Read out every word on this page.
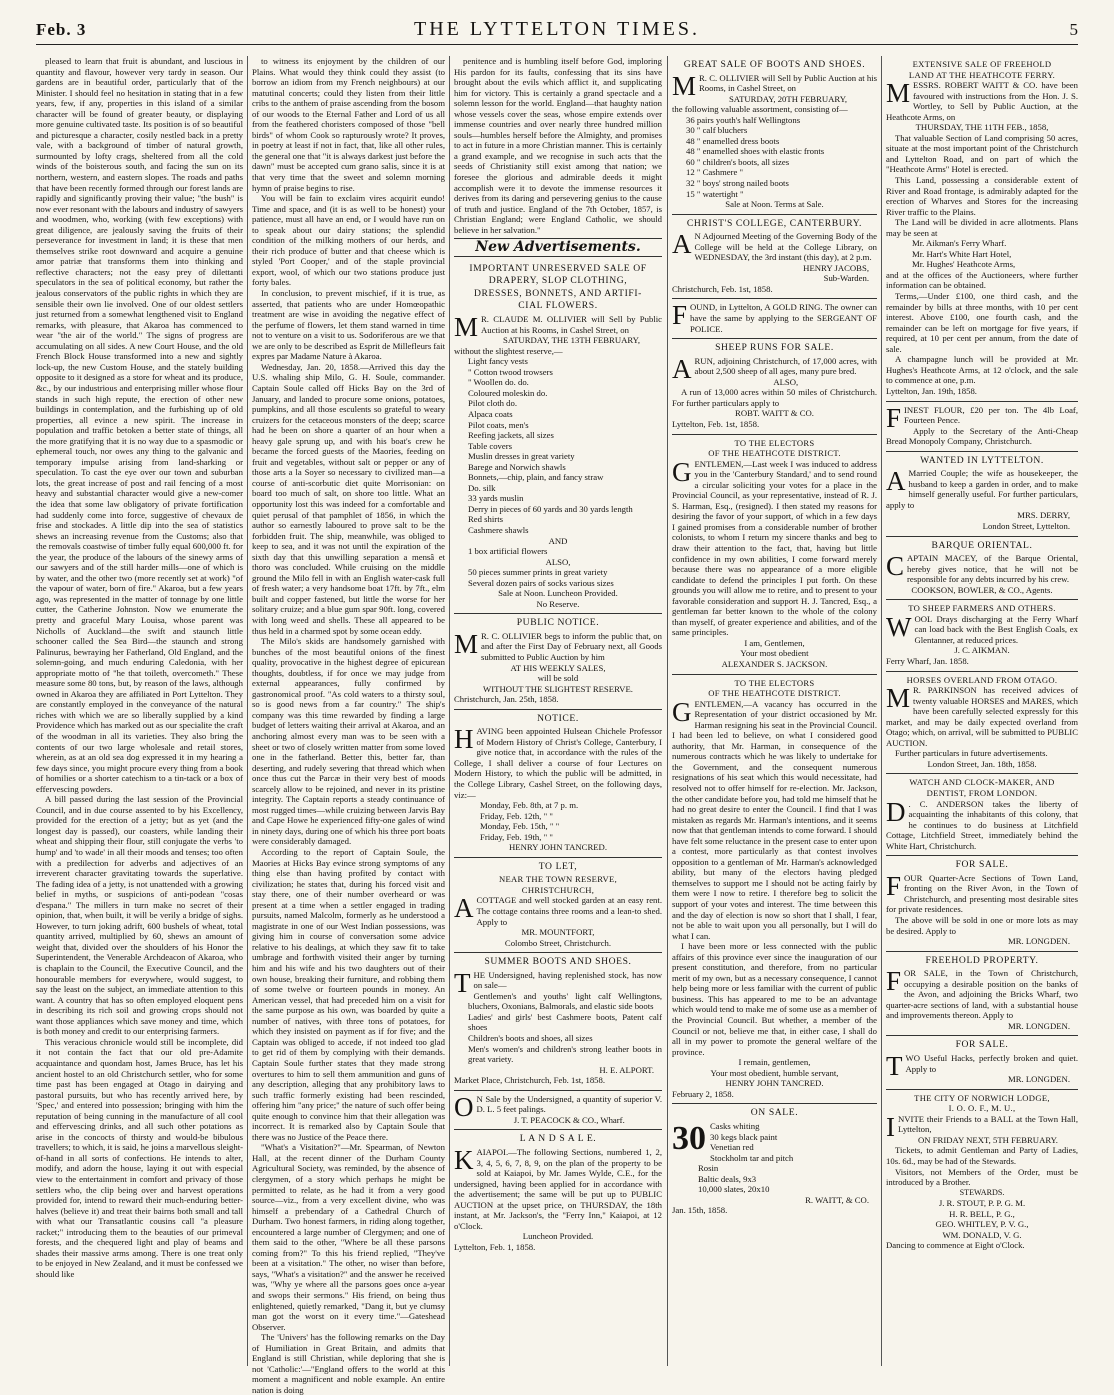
Feb. 3	THE LYTTELTON TIMES.	5

pleased to learn that fruit is abundant, and luscious in quantity and flavour, however very tardy in season. Our gardens are in beautiful order, particularly that of the Minister. I should feel no hesitation in stating that in a few years, few, if any, properties in this island of a similar character will be found of greater beauty, or displaying more genuine cultivated taste. Its position is of so beautiful and picturesque a character, cosily nestled back in a pretty vale, with a background of timber of natural growth, surmounted by lofty crags, sheltered from all the cold winds of the boisterous south, and facing the sun on its northern, western, and eastern slopes. The roads and paths that have been recently formed through our forest lands are rapidly and significantly proving their value; "the bush" is now ever resonant with the labours and industry of sawyers and woodmen, who, working (with few exceptions) with great diligence, are jealously saving the fruits of their perseverance for investment in land; it is these that men themselves strike root downward and acquire a genuine amor patriæ that transforms them into thinking and reflective characters; not the easy prey of dilettanti speculators in the sea of political economy, but rather the jealous conservators of the public rights in which they are sensible their own lie involved. One of our oldest settlers just returned from a somewhat lengthened visit to England remarks, with pleasure, that Akaroa has commenced to wear "the air of the world." The signs of progress are accumulating on all sides. A new Court House, and the old French Block House transformed into a new and sightly lock-up, the new Custom House, and the stately building opposite to it designed as a store for wheat and its produce, &c., by our industrious and enterprising miller whose flour stands in such high repute, the erection of other new buildings in contemplation, and the furbishing up of old properties, all evince a new spirit. The increase in population and traffic betoken a better state of things, all the more gratifying that it is no way due to a spasmodic or ephemeral touch, nor owes any thing to the galvanic and temporary impulse arising from land-sharking or speculation. To cast the eye over our town and suburban lots, the great increase of post and rail fencing of a most heavy and substantial character would give a new-comer the idea that some law obligatory of private fortification had suddenly come into force, suggestive of chevaux de frise and stockades. A little dip into the sea of statistics shews an increasing revenue from the Customs; also that the removals coastwise of timber fully equal 600,000 ft. for the year, the produce of the labours of the sinewy arms of our sawyers and of the still harder mills—one of which is by water, and the other two (more recently set at work) "of the vapour of water, born of fire." Akaroa, but a few years ago, was represented in the matter of tonnage by one little cutter, the Catherine Johnston. Now we enumerate the pretty and graceful Mary Louisa, whose parent was Nicholls of Auckland—the swift and staunch little schooner called the Sea Bird—the staunch and strong Palinurus, bewraying her Fatherland, Old England, and the solemn-going, and much enduring Caledonia, with her appropriate motto of "he that toileth, overcometh." These measure some 80 tons, but, by reason of the laws, although owned in Akaroa they are affiliated in Port Lyttelton. They are constantly employed in the conveyance of the natural riches with which we are so liberally supplied by a kind Providence which has marked out as our specialite the craft of the woodman in all its varieties. They also bring the contents of our two large wholesale and retail stores, wherein, as at an old sea dog expressed it in my hearing a few days since, you might procure every thing from a book of homilies or a shorter catechism to a tin-tack or a box of effervescing powders.

A bill passed during the last session of the Provincial Council, and in due course assented to by his Excellency, provided for the erection of a jetty; but as yet (and the longest day is passed), our coasters, while landing their wheat and shipping their flour, still conjugate the verbs 'to hump' and 'to wade' in all their moods and tenses; too often with a predilection for adverbs and adjectives of an irreverent character gravitating towards the superlative. The fading idea of a jetty, is not unattended with a growing belief in myths, or suspicions of anti-podean "cosas d'espana." The millers in turn make no secret of their opinion, that, when built, it will be verily a bridge of sighs. However, to turn joking adrift, 600 bushels of wheat, total quantity arrived, multiplied by 60, shews an amount of weight that, divided over the shoulders of his Honor the Superintendent, the Venerable Archdeacon of Akaroa, who is chaplain to the Council, the Executive Council, and the honourable members for everywhere, would suggest, to say the least on the subject, an immediate attention to this want. A country that has so often employed eloquent pens in describing its rich soil and growing crops should not want those appliances which save money and time, which is both money and credit to our enterprising farmers.

This veracious chronicle would still be incomplete, did it not contain the fact that our old pre-Adamite acquaintance and quondam host, James Bruce, has let his ancient hostel to an old Christchurch settler, who for some time past has been engaged at Otago in dairying and pastoral pursuits, but who has recently arrived here, by 'Spec,' and entered into possession; bringing with him the reputation of being cunning in the manufacture of all cool and effervescing drinks, and all such other potations as arise in the concocts of thirsty and would-be bibulous travellers; to which, it is said, he joins a marvellous sleight-of-hand in all sorts of confections. He intends to alter, modify, and adorn the house, laying it out with especial view to the entertainment in comfort and privacy of those settlers who, the clip being over and harvest operations provided for, intend to reward their much-enduring better-halves (believe it) and treat their bairns both small and tall with what our Transatlantic cousins call "a pleasure racket;" introducing them to the beauties of our primeval forests, and the chequered light and play of beams and shades their massive arms among. There is one treat only to be enjoyed in New Zealand, and it must be confessed we should like

to witness its enjoyment by the children of our Plains. What would they think could they assist (to borrow an idiom from my French neighbours) at our matutinal concerts; could they listen from their little cribs to the anthem of praise ascending from the bosom of our woods to the Eternal Father and Lord of us all from the feathered choristers composed of those "bell birds" of whom Cook so rapturously wrote? It proves, in poetry at least if not in fact, that, like all other rules, the general one that "it is always darkest just before the dawn" must be accepted cum grano salis, since it is at that very time that the sweet and solemn morning hymn of praise begins to rise.

You will be fain to exclaim vires acquirit eundo! Time and space, and (it is as well to be honest) your patience, must all have an end, or I would have run on to speak about our dairy stations; the splendid condition of the milking mothers of our herds, and their rich produce of butter and that cheese which is styled 'Port Cooper,' and of the staple provincial export, wool, of which our two stations produce just forty bales.

In conclusion, to prevent mischief, if it is true, as asserted, that patients who are under Homœopathic treatment are wise in avoiding the negative effect of the perfume of flowers, let them stand warned in time not to venture on a visit to us. Sodoriferous are we that we are only to be described as Esprit de Millefleurs fait expres par Madame Nature à Akaroa.

Wednesday, Jan. 20, 1858.—Arrived this day the U.S. whaling ship Milo, G. H. Soule, commander. Captain Soule called off Hicks Bay on the 3rd of January, and landed to procure some onions, potatoes, pumpkins, and all those esculents so grateful to weary cruizers for the cetaceous monsters of the deep; scarce had he been on shore a quarter of an hour when a heavy gale sprung up, and with his boat's crew he became the forced guests of the Maories, feeding on fruit and vegetables, without salt or pepper or any of those arts a la Soyer so necessary to civilized man—a course of anti-scorbutic diet quite Morrisonian: on board too much of salt, on shore too little. What an opportunity lost this was indeed for a comfortable and quiet perusal of that pamphlet of 1856, in which the author so earnestly laboured to prove salt to be the forbidden fruit. The ship, meanwhile, was obliged to keep to sea, and it was not until the expiration of the sixth day that this unwilling separation a mensâ et thoro was concluded. While cruising on the middle ground the Milo fell in with an English water-cask full of fresh water; a very handsome boat 17ft. by 7ft., elm built and copper fastened, but little the worse for her solitary cruize; and a blue gum spar 90ft. long, covered with long weed and shells. These all appeared to be thus held in a charmed spot by some ocean eddy.

The Milo's skids are handsomely garnished with bunches of the most beautiful onions of the finest quality, provocative in the highest degree of epicurean thoughts, doubtless, if for once we may judge from external appearances, fully confirmed by gastronomical proof. "As cold waters to a thirsty soul, so is good news from a far country." The ship's company was this time rewarded by finding a large budget of letters waiting their arrival at Akaroa, and an anchoring almost every man was to be seen with a sheet or two of closely written matter from some loved one in the fatherland. Better this, better far, than deserting, and rudely severing that thread which when once thus cut the Parcæ in their very best of moods scarcely allow to be rejoined, and never in its pristine integrity. The Captain reports a steady continuance of most rugged times—while cruizing between Jarvis Bay and Cape Howe he experienced fifty-one gales of wind in ninety days, during one of which his three port boats were considerably damaged.

According to the report of Captain Soule, the Maories at Hicks Bay evince strong symptoms of any thing else than having profited by contact with civilization; he states that, during his forced visit and stay there, one of their number overheard or was present at a time when a settler engaged in trading pursuits, named Malcolm, formerly as he understood a magistrate in one of our West Indian possessions, was giving him in course of conversation some advice relative to his dealings, at which they saw fit to take umbrage and forthwith visited their anger by turning him and his wife and his two daughters out of their own house, breaking their furniture, and robbing them of some twelve or fourteen pounds in money. An American vessel, that had preceded him on a visit for the same purpose as his own, was boarded by quite a number of natives, with three tons of potatoes, for which they insisted on payment as if for five; and the Captain was obliged to accede, if not indeed too glad to get rid of them by complying with their demands. Captain Soule further states that they made strong overtures to him to sell them ammunition and guns of any description, alleging that any prohibitory laws to such traffic formerly existing had been rescinded, offering him "any price;" the nature of such offer being quite enough to convince him that their allegation was incorrect. It is remarked also by Captain Soule that there was no Justice of the Peace there.

"What's a Visitation?"—Mr. Spearman, of Newton Hall, at the recent dinner of the Durham County Agricultural Society, was reminded, by the absence of clergymen, of a story which perhaps he might be permitted to relate, as he had it from a very good source—viz., from a very excellent divine, who was himself a prebendary of a Cathedral Church of Durham. Two honest farmers, in riding along together, encountered a large number of Clergymen; and one of them said to the other, "Where be all these parsons coming from?" To this his friend replied, "They've been at a visitation." The other, no wiser than before, says, "What's a visitation?" and the answer he received was, "Why ye where all the parsons goes once a-year and swops their sermons." His friend, on being thus enlightened, quietly remarked, "Dang it, but ye clumsy man got the worst on it every time."—Gateshead Observer.

The 'Univers' has the following remarks on the Day of Humiliation in Great Britain, and admits that England is still Christian, while deploring that she is not 'Catholic:'—"England offers to the world at this moment a magnificent and noble example. An entire nation is doing

penitence and is humbling itself before God, imploring His pardon for its faults, confessing that its sins have brought about the evils which afflict it, and supplicating him for victory. This is certainly a grand spectacle and a solemn lesson for the world. England—that haughty nation whose vessels cover the seas, whose empire extends over immense countries and over nearly three hundred million souls—humbles herself before the Almighty, and promises to act in future in a more Christian manner. This is certainly a grand example, and we recognise in such acts that the seeds of Christianity still exist among that nation; we foresee the glorious and admirable deeds it might accomplish were it to devote the immense resources it derives from its daring and persevering genius to the cause of truth and justice. England of the 7th October, 1857, is Christian England; were England Catholic, we should believe in her salvation."

New Advertisements.
IMPORTANT UNRESERVED SALE OF
DRAPERY, SLOP CLOTHING,
DRESSES, BONNETS, AND ARTIFI-
CIAL FLOWERS.

M R. CLAUDE M. OLLIVIER will Sell by Public Auction at his Rooms, in Cashel Street, on

SATURDAY, THE 13TH FEBRUARY,

without the slightest reserve,—

Light fancy vests

" Cotton twood trowsers

" Woollen do. do.

Coloured moleskin do.

Pilot cloth do.

Alpaca coats

Pilot coats, men's

Reefing jackets, all sizes

Table covers

Muslin dresses in great variety

Barege and Norwich shawls

Bonnets,—chip, plain, and fancy straw

Do. silk

33 yards muslin

Derry in pieces of 60 yards and 30 yards length

Red shirts

Cashmere shawls

AND

1 box artificial flowers

ALSO,

50 pieces summer prints in great variety

Several dozen pairs of socks various sizes

Sale at Noon. Luncheon Provided.

No Reserve.

PUBLIC NOTICE.

M R. C. OLLIVIER begs to inform the public that, on and after the First Day of February next, all Goods submitted to Public Auction by him

AT HIS WEEKLY SALES,

will be sold

WITHOUT THE SLIGHTEST RESERVE.

Christchurch, Jan. 25th, 1858.

NOTICE.

HAVING been appointed Hulsean Chichele Professor of Modern History of Christ's College, Canterbury, I give notice that, in accordance with the rules of the College, I shall deliver a course of four Lectures on Modern History, to which the public will be admitted, in the College Library, Cashel Street, on the following days, viz:—

Monday, Feb. 8th, at 7 p. m.

Friday, Feb. 12th, " "

Monday, Feb. 15th, " "

Friday, Feb. 19th, " "

HENRY JOHN TANCRED.

TO LET,
NEAR THE TOWN RESERVE,
CHRISTCHURCH,

ACOTTAGE and well stocked garden at an easy rent. The cottage contains three rooms and a lean-to shed. Apply to

MR. MOUNTFORT,

Colombo Street, Christchurch.

SUMMER BOOTS AND SHOES.

THE Undersigned, having replenished stock, has now on sale—

Gentlemen's and youths' light calf Wellingtons, bluchers, Oxonians, Balmorals, and elastic side boots

Ladies' and girls' best Cashmere boots, Patent calf shoes

Children's boots and shoes, all sizes

Men's women's and children's strong leather boots in great variety.

H. E. ALPORT.

Market Place, Christchurch, Feb. 1st, 1858.

O N Sale by the Undersigned, a quantity of superior V. D. L. 5 feet palings.

J. T. PEACOCK & CO., Wharf.

L A N D S A L E.

KAIAPOI.—The following Sections, numbered 1, 2, 3, 4, 5, 6, 7, 8, 9, on the plan of the property to be sold at Kaiapoi, by Mr. James Wylde, C.E., for the undersigned, having been applied for in accordance with the advertisement; the same will be put up to PUBLIC AUCTION at the upset price, on THURSDAY, the 18th instant, at Mr. Jackson's, the "Ferry Inn," Kaiapoi, at 12 o'Clock.

Luncheon Provided.

Lyttelton, Feb. 1, 1858.

GREAT SALE OF BOOTS AND SHOES.

M R. C. OLLIVIER will Sell by Public Auction at his Rooms, in Cashel Street, on

SATURDAY, 20TH FEBRUARY,

the following valuable assortment, consisting of—

36 pairs youth's half Wellingtons

30 " calf bluchers

48 " enamelled dress boots

48 " enamelled shoes with elastic fronts

60 " children's boots, all sizes

12 " Cashmere "

32 " boys' strong nailed boots

15 " watertight "

Sale at Noon. Terms at Sale.

CHRIST'S COLLEGE, CANTERBURY.

A N Adjourned Meeting of the Governing Body of the College will be held at the College Library, on WEDNESDAY, the 3rd instant (this day), at 2 p.m.

HENRY JACOBS,

Sub-Warden.

Christchurch, Feb. 1st, 1858.

FOUND, in Lyttelton, A GOLD RING. The owner can have the same by applying to the SERGEANT OF POLICE.

SHEEP RUNS FOR SALE.

ARUN, adjoining Christchurch, of 17,000 acres, with about 2,500 sheep of all ages, many pure bred.

ALSO,

A run of 13,000 acres within 50 miles of Christchurch. For further particulars apply to

ROBT. WAITT & CO.

Lyttelton, Feb. 1st, 1858.

TO THE ELECTORS
OF THE HEATHCOTE DISTRICT.

GENTLEMEN,—Last week I was induced to address you in the 'Canterbury Standard,' and to send round a circular soliciting your votes for a place in the Provincial Council, as your representative, instead of R. J. S. Harman, Esq., (resigned). I then stated my reasons for desiring the favor of your support, of which in a few days I gained promises from a considerable number of brother colonists, to whom I return my sincere thanks and beg to draw their attention to the fact, that, having but little confidence in my own abilities, I come forward merely because there was no appearance of a more eligible candidate to defend the principles I put forth. On these grounds you will allow me to retire, and to present to your favorable consideration and support H. J. Tancred, Esq., a gentleman far better known to the whole of the colony than myself, of greater experience and abilities, and of the same principles.

I am, Gentlemen,

Your most obedient

ALEXANDER S. JACKSON.

TO THE ELECTORS
OF THE HEATHCOTE DISTRICT.

GENTLEMEN,—A vacancy has occurred in the Representation of your district occasioned by Mr. Harman resigning his seat in the Provincial Council. I had been led to believe, on what I considered good authority, that Mr. Harman, in consequence of the numerous contracts which he was likely to undertake for the Government, and the consequent numerous resignations of his seat which this would necessitate, had resolved not to offer himself for re-election. Mr. Jackson, the other candidate before you, had told me himself that he had no great desire to enter the Council. I find that I was mistaken as regards Mr. Harman's intentions, and it seems now that that gentleman intends to come forward. I should have felt some reluctance in the present case to enter upon a contest, more particularly as that contest involves opposition to a gentleman of Mr. Harman's acknowledged ability, but many of the electors having pledged themselves to support me I should not be acting fairly by them were I now to retire. I therefore beg to solicit the support of your votes and interest. The time between this and the day of election is now so short that I shall, I fear, not be able to wait upon you all personally, but I will do what I can.

I have been more or less connected with the public affairs of this province ever since the inauguration of our present constitution, and therefore, from no particular merit of my own, but as a necessary consequence, I cannot help being more or less familiar with the current of public business. This has appeared to me to be an advantage which would tend to make me of some use as a member of the Provincial Council. But whether, a member of the Council or not, believe me that, in either case, I shall do all in my power to promote the general welfare of the province.

I remain, gentlemen,

Your most obedient, humble servant,

HENRY JOHN TANCRED.

February 2, 1858.

ON SALE.
30 Casks whiting

30 kegs black paint

Venetian red

Stockholm tar and pitch

Rosin

Baltic deals, 9x3

10,000 slates, 20x10

R. WAITT, & CO.

Jan. 15th, 1858.

EXTENSIVE SALE OF FREEHOLD
LAND AT THE HEATHCOTE FERRY.

MESSRS. ROBERT WAITT & CO. have been favoured with instructions from the Hon. J. S. Wortley, to Sell by Public Auction, at the Heathcote Arms, on

THURSDAY, THE 11TH FEB., 1858,

That valuable Section of Land comprising 50 acres, situate at the most important point of the Christchurch and Lyttelton Road, and on part of which the "Heathcote Arms" Hotel is erected.

This Land, possessing a considerable extent of River and Road frontage, is admirably adapted for the erection of Wharves and Stores for the increasing River traffic to the Plains.

The Land will be divided in acre allotments. Plans may be seen at

Mr. Aikman's Ferry Wharf.

Mr. Hart's White Hart Hotel,

Mr. Hughes' Heathcote Arms,

and at the offices of the Auctioneers, where further information can be obtained.

Terms,—Under £100, one third cash, and the remainder by bills at three months, with 10 per cent interest. Above £100, one fourth cash, and the remainder can be left on mortgage for five years, if required, at 10 per cent per annum, from the date of sale.

A champagne lunch will be provided at Mr. Hughes's Heathcote Arms, at 12 o'clock, and the sale to commence at one, p.m.

Lyttelton, Jan. 19th, 1858.

FINEST FLOUR, £20 per ton. The 4lb Loaf, Fourteen Pence.

Apply to the Secretary of the Anti-Cheap Bread Monopoly Company, Christchurch.

WANTED IN LYTTELTON.

A Married Couple; the wife as housekeeper, the husband to keep a garden in order, and to make himself generally useful. For further particulars, apply to

MRS. DERRY,

London Street, Lyttelton.

BARQUE ORIENTAL.

CAPTAIN MACEY, of the Barque Oriental, hereby gives notice, that he will not be responsible for any debts incurred by his crew.

COOKSON, BOWLER, & CO., Agents.

TO SHEEP FARMERS AND OTHERS.

WOOL Drays discharging at the Ferry Wharf can load back with the Best English Coals, ex Glentanner, at reduced prices.

J. C. AIKMAN.

Ferry Wharf, Jan. 1858.

HORSES OVERLAND FROM OTAGO.

M R. PARKINSON has received advices of twenty valuable HORSES and MARES, which have been carefully selected expressly for this market, and may be daily expected overland from Otago; which, on arrival, will be submitted to PUBLIC AUCTION.

Further particulars in future advertisements.

London Street, Jan. 18th, 1858.

WATCH AND CLOCK-MAKER, AND
DENTIST, FROM LONDON.

D . C. ANDERSON takes the liberty of acquainting the inhabitants of this colony, that he continues to do business at Litchfield Cottage, Litchfield Street, immediately behind the White Hart, Christchurch.

FOR SALE.

FOUR Quarter-Acre Sections of Town Land, fronting on the River Avon, in the Town of Christchurch, and presenting most desirable sites for private residences.

The above will be sold in one or more lots as may be desired. Apply to

MR. LONGDEN.

FREEHOLD PROPERTY.

FOR SALE, in the Town of Christchurch, occupying a desirable position on the banks of the Avon, and adjoining the Bricks Wharf, two quarter-acre sections of land, with a substantial house and improvements thereon. Apply to

MR. LONGDEN.

FOR SALE.

TWO Useful Hacks, perfectly broken and quiet. Apply to

MR. LONGDEN.

THE CITY OF NORWICH LODGE,
I. O. O. F., M. U.,

INVITE their Friends to a BALL at the Town Hall, Lyttelton,

ON FRIDAY NEXT, 5TH FEBRUARY.

Tickets, to admit Gentleman and Party of Ladies, 10s. 6d., may be had of the Stewards.

Visitors, not Members of the Order, must be introduced by a Brother.

STEWARDS.

J. R. STOUT, P. P. G. M.

H. R. BELL, P. G.,

GEO. WHITLEY, P. V. G.,

WM. DONALD, V. G.

Dancing to commence at Eight o'Clock.
